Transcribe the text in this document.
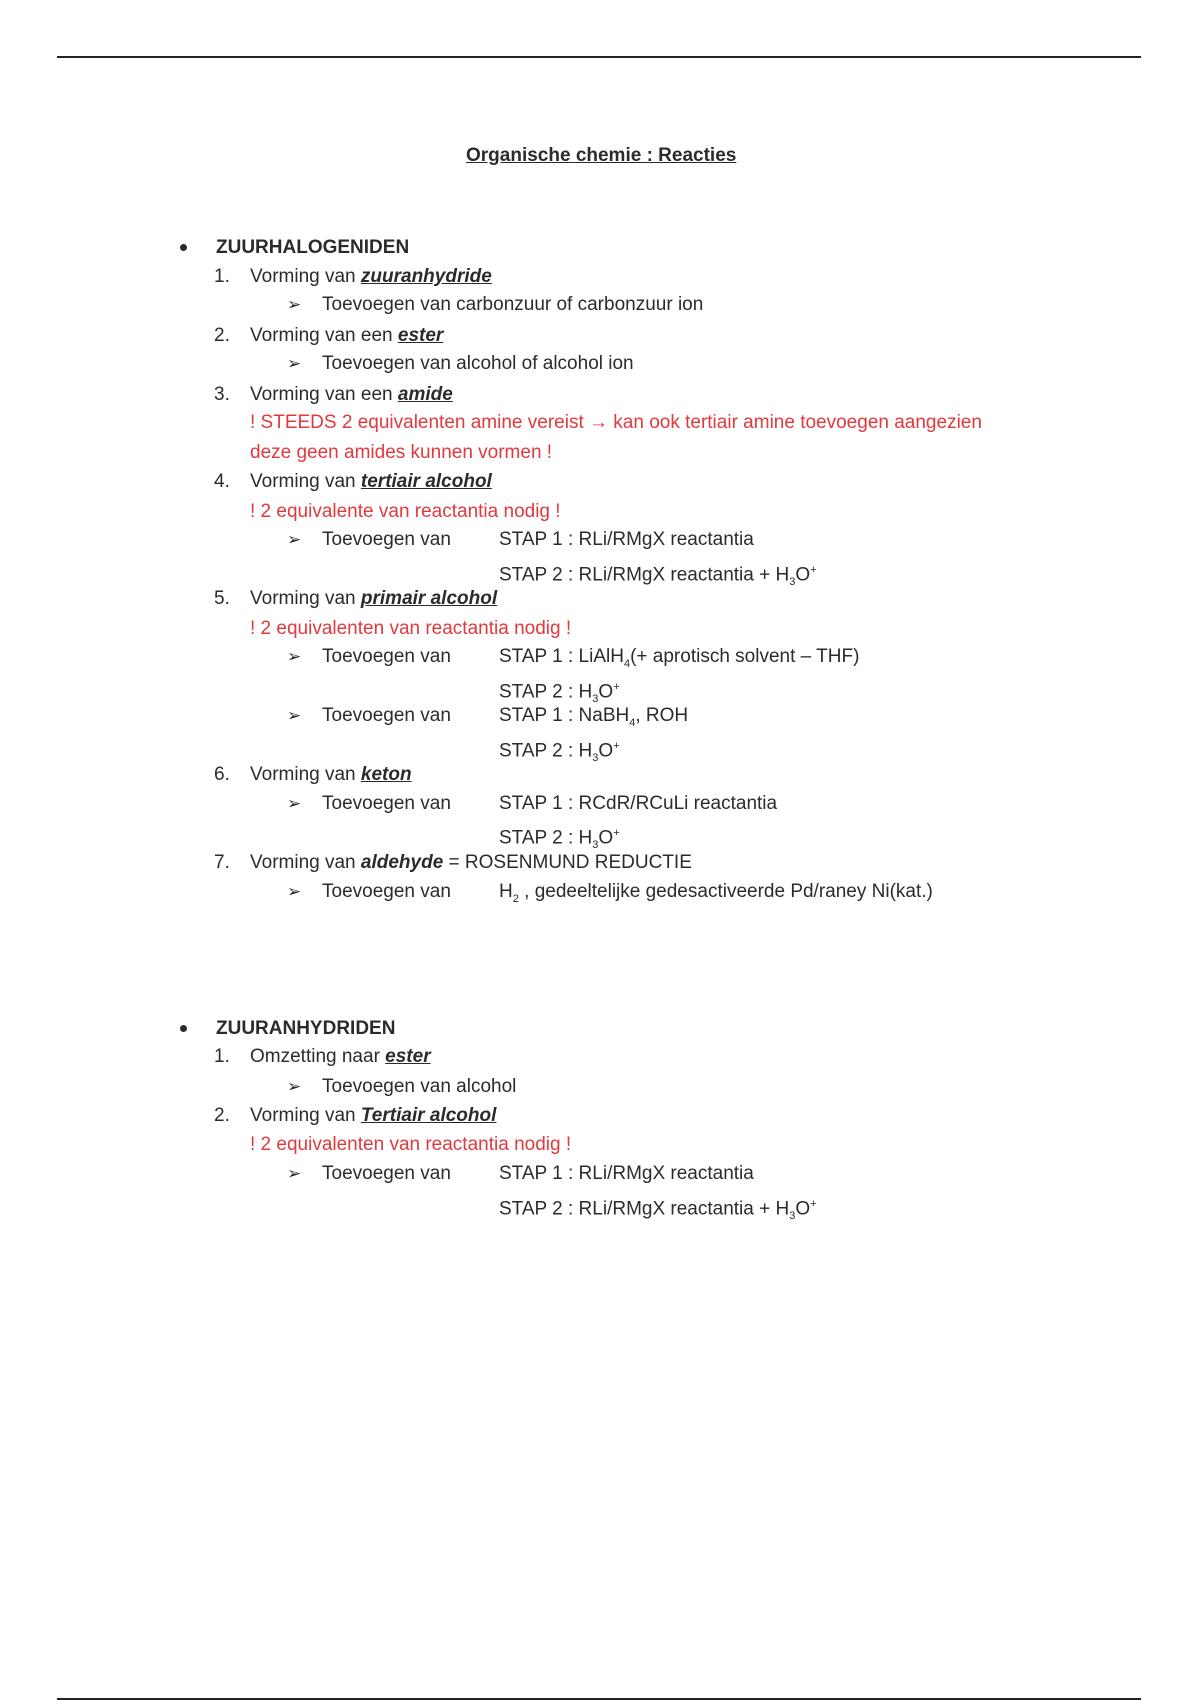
Organische chemie : Reacties
ZUURHALOGENIDEN
1. Vorming van zuuranhydride
➢ Toevoegen van carbonzuur of carbonzuur ion
2. Vorming van een ester
➢ Toevoegen van alcohol of alcohol ion
3. Vorming van een amide
! STEEDS 2 equivalenten amine vereist → kan ook tertiair amine toevoegen aangezien
deze geen amides kunnen vormen !
4. Vorming van tertiair alcohol
! 2 equivalente van reactantia nodig !
➢ Toevoegen van	STAP 1 : RLi/RMgX reactantia
STAP 2 : RLi/RMgX reactantia + $H_3O^+$
5. Vorming van primair alcohol
! 2 equivalenten van reactantia nodig !
➢ Toevoegen van	STAP 1 : LiAlH$_4$(+ aprotisch solvent – THF)
STAP 2 : $H_3O^+$
➢ Toevoegen van	STAP 1 : NaBH$_4$, ROH
STAP 2 : $H_3O^+$
6. Vorming van keton
➢ Toevoegen van	STAP 1 : RCdR/RCuLi reactantia
STAP 2 : $H_3O^+$
7. Vorming van aldehyde = ROSENMUND REDUCTIE
➢ Toevoegen van	$H_2$ , gedeeltelijke gedesactiveerde Pd/raney Ni(kat.)
ZUURANHYDRIDEN
1. Omzetting naar ester
➢ Toevoegen van alcohol
2. Vorming van Tertiair alcohol
! 2 equivalenten van reactantia nodig !
➢ Toevoegen van	STAP 1 : RLi/RMgX reactantia
STAP 2 : RLi/RMgX reactantia + $H_3O^+$
